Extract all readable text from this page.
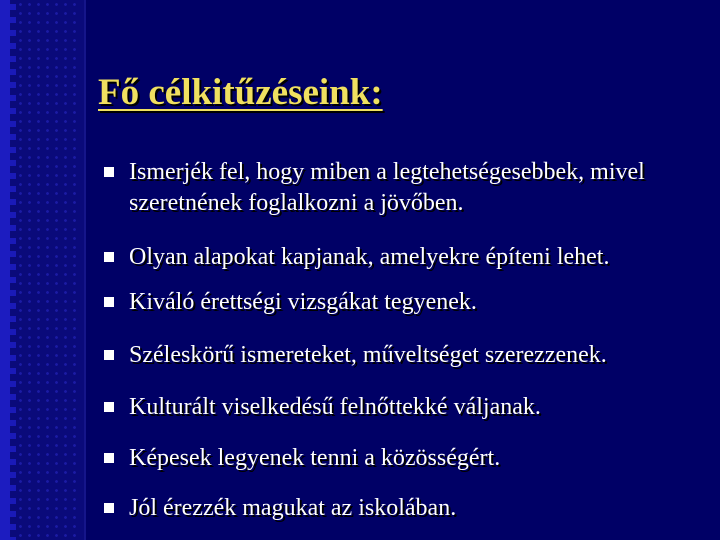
Fő célkitűzéseink:
Ismerjék fel, hogy miben a legtehetségesebbek, mivel szeretnének foglalkozni a jövőben.
Olyan alapokat kapjanak, amelyekre építeni lehet.
Kiváló érettségi vizsgákat tegyenek.
Széleskörű ismereteket, műveltséget szerezzenek.
Kulturált viselkedésű felnőttekké váljanak.
Képesek legyenek tenni a közösségért.
Jól érezzék magukat az iskolában.
